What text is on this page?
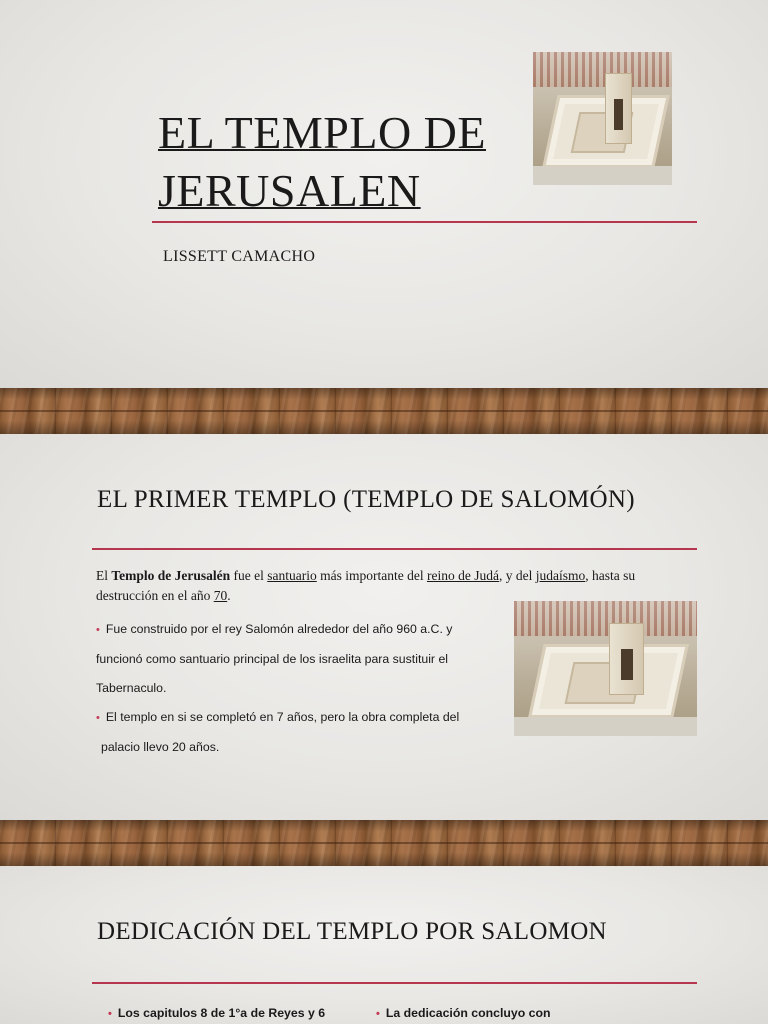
EL TEMPLO DE
JERUSALEN
LISSETT CAMACHO
EL PRIMER TEMPLO (TEMPLO DE SALOMÓN)
El Templo de Jerusalén fue el santuario más importante del reino de Judá, y del judaísmo, hasta su destrucción en el año 70.
• Fue construido por el rey Salomón alrededor del año 960 a.C. y
funcionó como santuario principal de los israelita para sustituir el
Tabernaculo.
• El templo en si se completó en 7 años, pero la obra completa del
palacio llevo 20 años.
DEDICACIÓN DEL TEMPLO POR SALOMON
• Los capitulos 8 de 1°a de Reyes y 6	• La dedicación concluyo con
